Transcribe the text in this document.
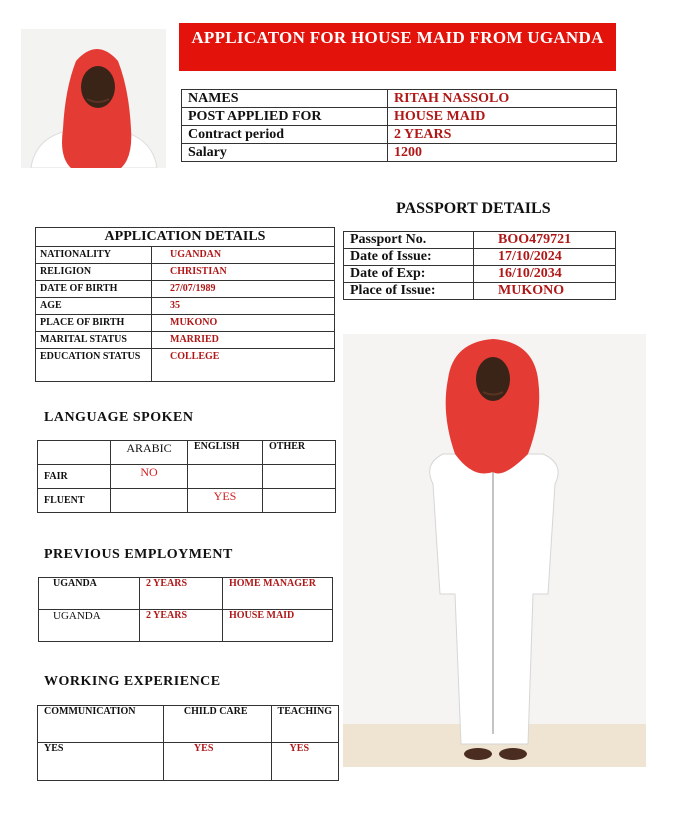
APPLICATON FOR HOUSE MAID FROM UGANDA
NAMES	RITAH NASSOLO
POST APPLIED FOR	HOUSE MAID
Contract period	2 YEARS
Salary	1200
PASSPORT DETAILS
APPLICATION DETAILS	
NATIONALITY	UGANDAN
RELIGION	CHRISTIAN
DATE OF BIRTH	27/07/1989
AGE	35
PLACE OF BIRTH	MUKONO
MARITAL STATUS	MARRIED
EDUCATION STATUS	COLLEGE
Passport No.	BOO479721
Date of Issue:	17/10/2024
Date of Exp:	16/10/2034
Place of Issue:	MUKONO
LANGUAGE SPOKEN
	ARABIC	ENGLISH	OTHER
FAIR	NO		
FLUENT		YES	
PREVIOUS EMPLOYMENT
UGANDA	2 YEARS	HOME MANAGER
UGANDA	2 YEARS	HOUSE MAID
WORKING EXPERIENCE
COMMUNICATION	CHILD CARE	TEACHING
YES	YES	YES
